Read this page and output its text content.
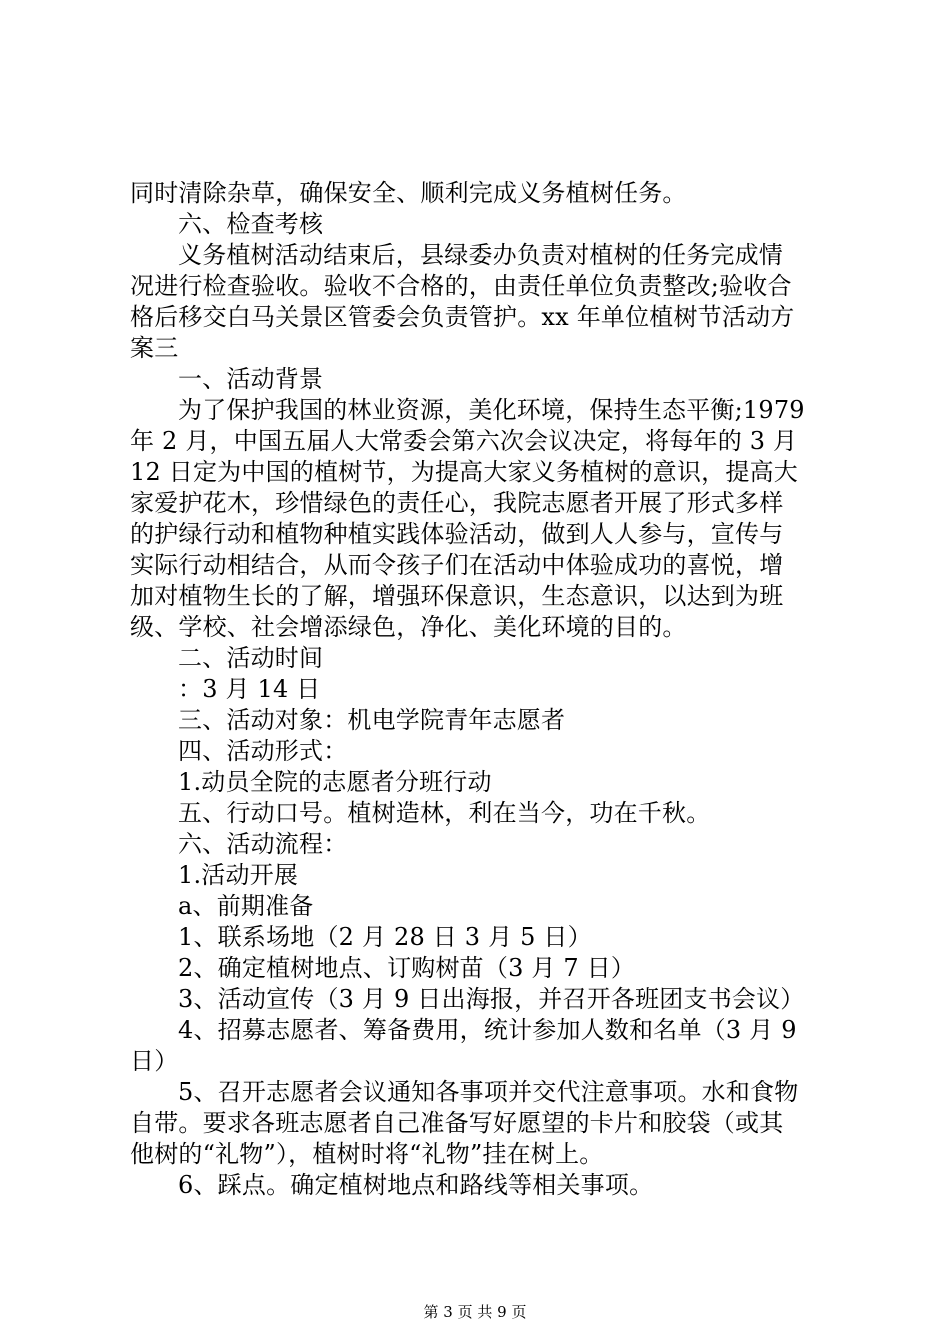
同时清除杂草，确保安全、顺利完成义务植树任务。
六、检查考核
义务植树活动结束后，县绿委办负责对植树的任务完成情
况进行检查验收。验收不合格的，由责任单位负责整改;验收合
格后移交白马关景区管委会负责管护。xx 年单位植树节活动方
案三
一、活动背景
为了保护我国的林业资源，美化环境，保持生态平衡;1979
年 2 月，中国五届人大常委会第六次会议决定，将每年的 3 月
12 日定为中国的植树节，为提高大家义务植树的意识，提高大
家爱护花木，珍惜绿色的责任心，我院志愿者开展了形式多样
的护绿行动和植物种植实践体验活动，做到人人参与，宣传与
实际行动相结合，从而令孩子们在活动中体验成功的喜悦，增
加对植物生长的了解，增强环保意识，生态意识，以达到为班
级、学校、社会增添绿色，净化、美化环境的目的。
二、活动时间
：3 月 14 日
三、活动对象：机电学院青年志愿者
四、活动形式：
1.动员全院的志愿者分班行动
五、行动口号。植树造林，利在当今，功在千秋。
六、活动流程：
1.活动开展
a、前期准备
1、联系场地（2 月 28 日 3 月 5 日）
2、确定植树地点、订购树苗（3 月 7 日）
3、活动宣传（3 月 9 日出海报，并召开各班团支书会议）
4、招募志愿者、筹备费用，统计参加人数和名单（3 月 9
日）
5、召开志愿者会议通知各事项并交代注意事项。水和食物
自带。要求各班志愿者自己准备写好愿望的卡片和胶袋（或其
他树的“礼物”），植树时将“礼物”挂在树上。
6、踩点。确定植树地点和路线等相关事项。
第 3 页 共 9 页
